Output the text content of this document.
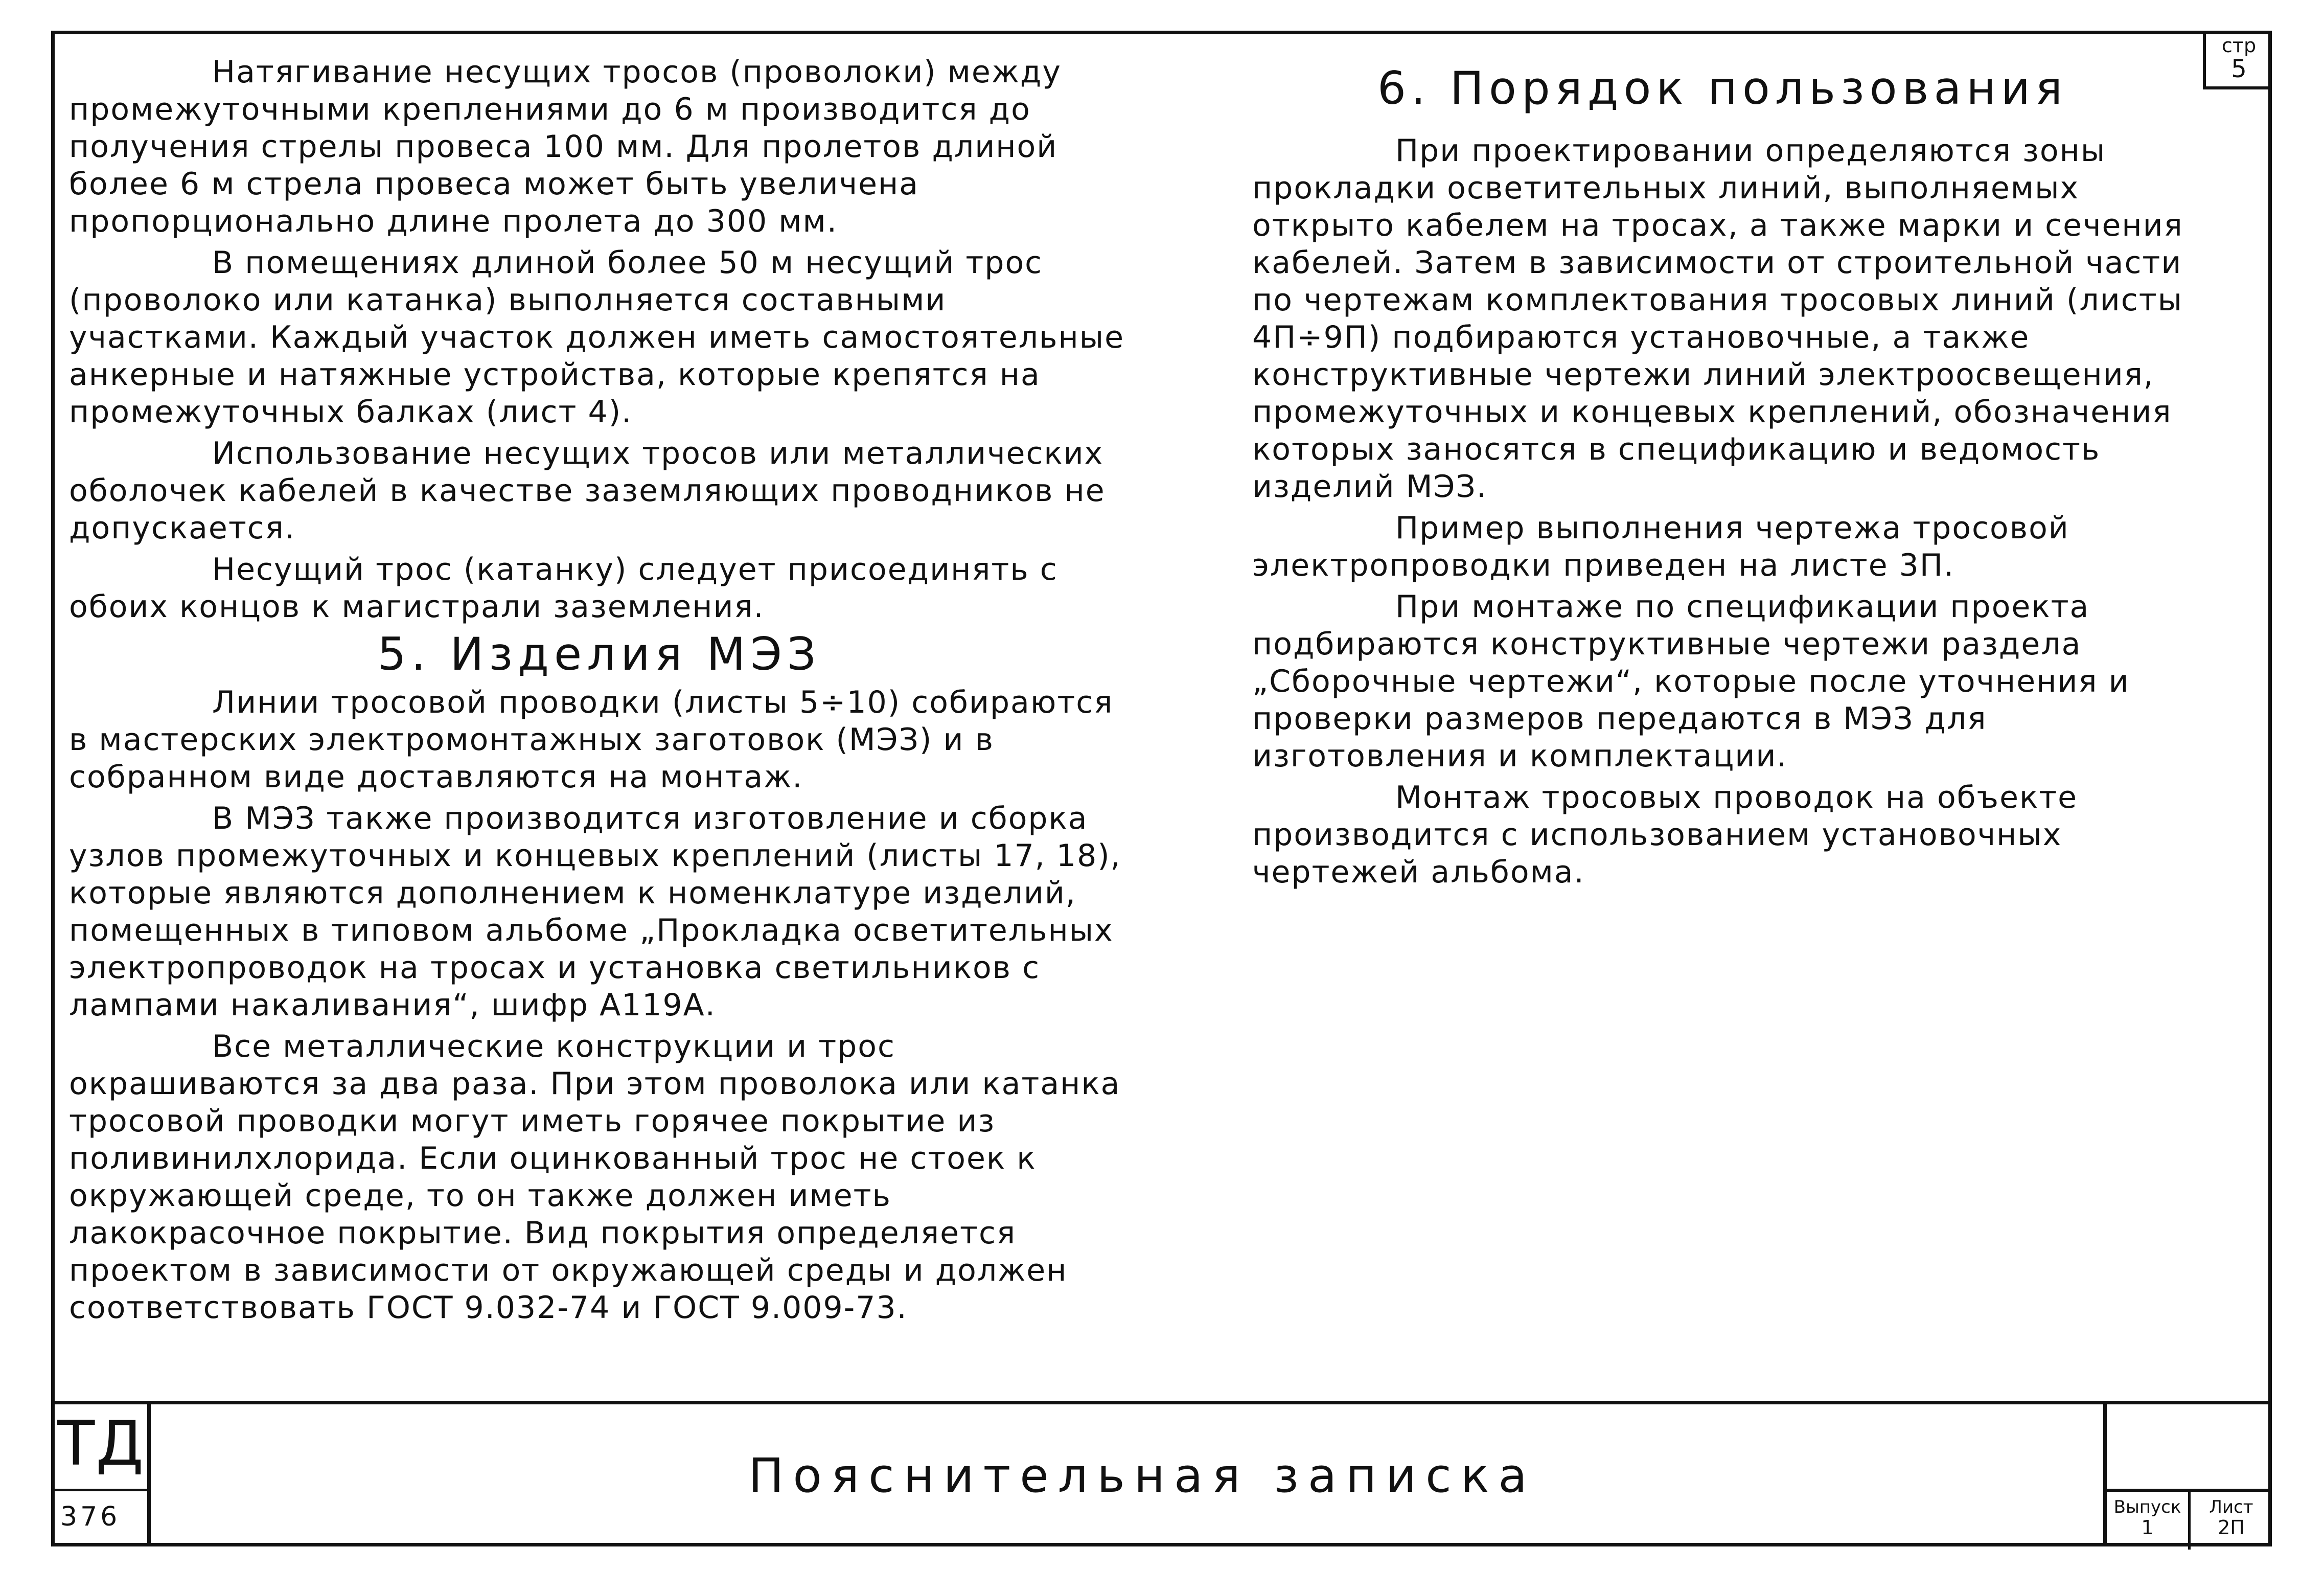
стр
5

Натягивание несущих тросов (проволоки) между промежуточными креплениями до 6 м производится до получения стрелы провеса 100 мм. Для пролетов длиной более 6 м стрела провеса может быть увеличена пропорционально длине пролета до 300 мм.

В помещениях длиной более 50 м несущий трос (проволоко или катанка) выполняется составными участками. Каждый участок должен иметь самостоятельные анкерные и натяжные устройства, которые крепятся на промежуточных балках (лист 4).

Использование несущих тросов или металлических оболочек кабелей в качестве заземляющих проводников не допускается.

Несущий трос (катанку) следует присоединять с обоих концов к магистрали заземления.

5. Изделия МЭЗ

Линии тросовой проводки (листы 5÷10) собираются в мастерских электромонтажных заготовок (МЭЗ) и в собранном виде доставляются на монтаж.

В МЭЗ также производится изготовление и сборка узлов промежуточных и концевых креплений (листы 17, 18), которые являются дополнением к номенклатуре изделий, помещенных в типовом альбоме „Прокладка осветительных электропроводок на тросах и установка светильников с лампами накаливания“, шифр А119А.

Все металлические конструкции и трос окрашиваются за два раза. При этом проволока или катанка тросовой проводки могут иметь горячее покрытие из поливинилхлорида. Если оцинкованный трос не стоек к окружающей среде, то он также должен иметь лакокрасочное покрытие. Вид покрытия определяется проектом в зависимости от окружающей среды и должен соответствовать ГОСТ 9.032-74 и ГОСТ 9.009-73.

6. Порядок пользования

При проектировании определяются зоны прокладки осветительных линий, выполняемых открыто кабелем на тросах, а также марки и сечения кабелей. Затем в зависимости от строительной части по чертежам комплектования тросовых линий (листы 4П÷9П) подбираются установочные, а также конструктивные чертежи линий электроосвещения, промежуточных и концевых креплений, обозначения которых заносятся в спецификацию и ведомость изделий МЭЗ.

Пример выполнения чертежа тросовой электропроводки приведен на листе 3П.

При монтаже по спецификации проекта подбираются конструктивные чертежи раздела „Сборочные чертежи“, которые после уточнения и проверки размеров передаются в МЭЗ для изготовления и комплектации.

Монтаж тросовых проводок на объекте производится с использованием установочных чертежей альбома.

ТД
376
Пояснительная записка
Выпуск
1
Лист
2П
